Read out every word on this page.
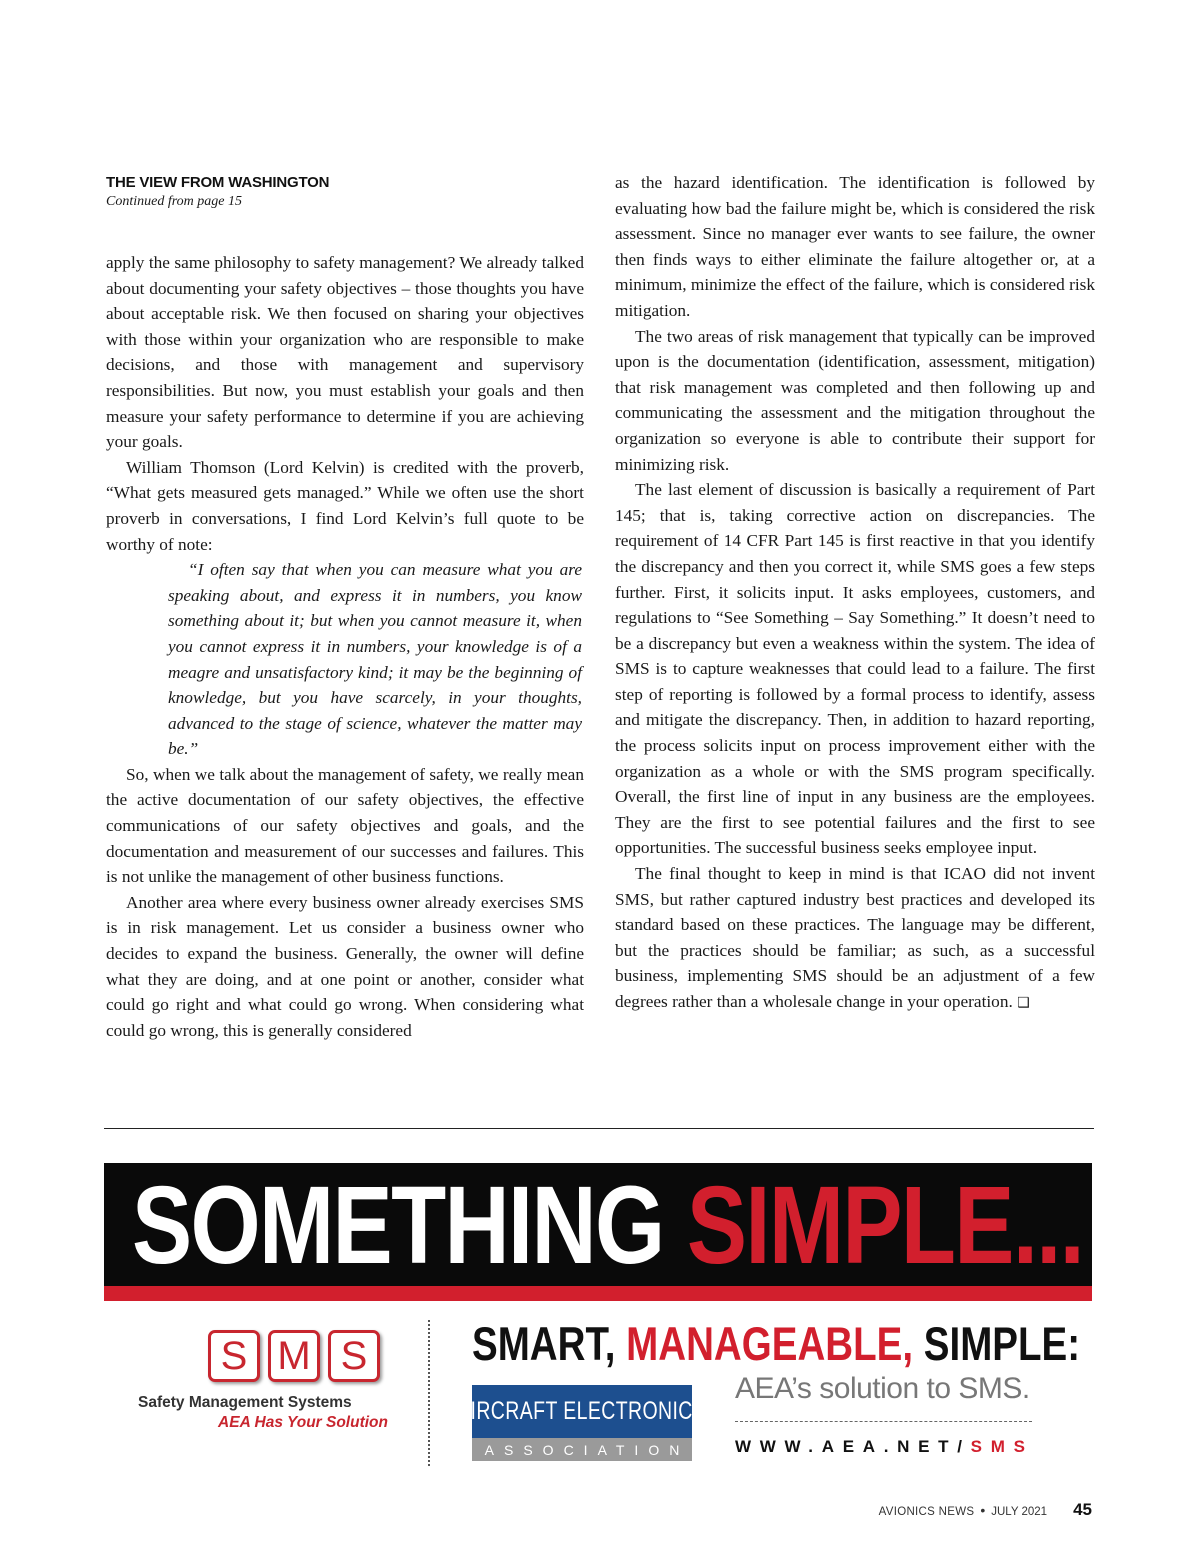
THE VIEW FROM WASHINGTON
Continued from page 15

apply the same philosophy to safety management? We already talked about documenting your safety objectives – those thoughts you have about acceptable risk. We then focused on sharing your objectives with those within your organization who are responsible to make decisions, and those with management and supervisory responsibilities. But now, you must establish your goals and then measure your safety performance to determine if you are achieving your goals.

William Thomson (Lord Kelvin) is credited with the proverb, “What gets measured gets managed.” While we often use the short proverb in conversations, I find Lord Kelvin’s full quote to be worthy of note:

“I often say that when you can measure what you are speaking about, and express it in numbers, you know something about it; but when you cannot measure it, when you cannot express it in numbers, your knowledge is of a meagre and unsatisfactory kind; it may be the beginning of knowledge, but you have scarcely, in your thoughts, advanced to the stage of science, whatever the matter may be.”

So, when we talk about the management of safety, we really mean the active documentation of our safety objectives, the effective communications of our safety objectives and goals, and the documentation and measurement of our successes and failures. This is not unlike the management of other business functions.

Another area where every business owner already exercises SMS is in risk management. Let us consider a business owner who decides to expand the business. Generally, the owner will define what they are doing, and at one point or another, consider what could go right and what could go wrong. When considering what could go wrong, this is generally considered

as the hazard identification. The identification is followed by evaluating how bad the failure might be, which is considered the risk assessment. Since no manager ever wants to see failure, the owner then finds ways to either eliminate the failure altogether or, at a minimum, minimize the effect of the failure, which is considered risk mitigation.

The two areas of risk management that typically can be improved upon is the documentation (identification, assessment, mitigation) that risk management was completed and then following up and communicating the assessment and the mitigation throughout the organization so everyone is able to contribute their support for minimizing risk.

The last element of discussion is basically a requirement of Part 145; that is, taking corrective action on discrepancies. The requirement of 14 CFR Part 145 is first reactive in that you identify the discrepancy and then you correct it, while SMS goes a few steps further. First, it solicits input. It asks employees, customers, and regulations to “See Something – Say Something.” It doesn’t need to be a discrepancy but even a weakness within the system. The idea of SMS is to capture weaknesses that could lead to a failure. The first step of reporting is followed by a formal process to identify, assess and mitigate the discrepancy. Then, in addition to hazard reporting, the process solicits input on process improvement either with the organization as a whole or with the SMS program specifically. Overall, the first line of input in any business are the employees. They are the first to see potential failures and the first to see opportunities. The successful business seeks employee input.

The final thought to keep in mind is that ICAO did not invent SMS, but rather captured industry best practices and developed its standard based on these practices. The language may be different, but the practices should be familiar; as such, as a successful business, implementing SMS should be an adjustment of a few degrees rather than a wholesale change in your operation. ❑

SOMETHING SIMPLE...
S M S
Safety Management Systems
AEA Has Your Solution
SMART, MANAGEABLE, SIMPLE:
AIRCRAFT ELECTRONICS
ASSOCIATION
AEA’s solution to SMS.
WWW.AEA.NET/SMS
AVIONICS NEWS • JULY 2021 45
